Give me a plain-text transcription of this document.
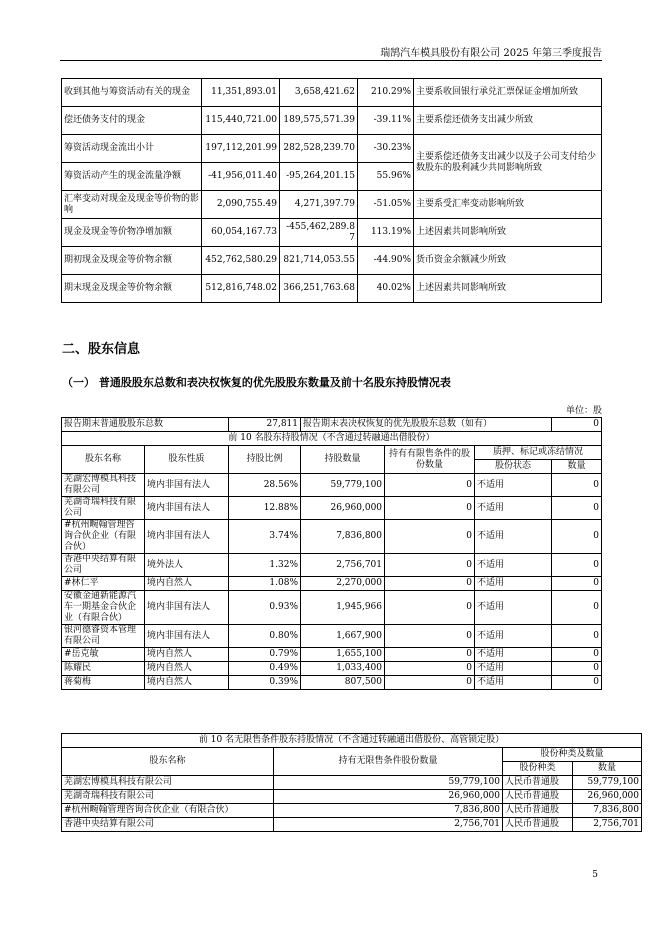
瑞鹄汽车模具股份有限公司 2025 年第三季度报告
收到其他与筹资活动有关的现金	11,351,893.01	3,658,421.62	210.29%	主要系收回银行承兑汇票保证金增加所致
偿还债务支付的现金	115,440,721.00	189,575,571.39	-39.11%	主要系偿还债务支出减少所致
筹资活动现金流出小计	197,112,201.99	282,528,239.70	-30.23%	主要系偿还债务支出减少以及子公司支付给少数股东的股利减少共同影响所致
筹资活动产生的现金流量净额	-41,956,011.40	-95,264,201.15	55.96%	
汇率变动对现金及现金等价物的影响	2,090,755.49	4,271,397.79	-51.05%	主要系受汇率变动影响所致
现金及现金等价物净增加额	60,054,167.73	-455,462,289.87	113.19%	上述因素共同影响所致
期初现金及现金等价物余额	452,762,580.29	821,714,053.55	-44.90%	货币资金余额减少所致
期末现金及现金等价物余额	512,816,748.02	366,251,763.68	40.02%	上述因素共同影响所致
二、股东信息
（一） 普通股股东总数和表决权恢复的优先股股东数量及前十名股东持股情况表
单位：股
报告期末普通股股东总数		27,811	报告期末表决权恢复的优先股股东总数（如有）			0
前 10 名股东持股情况（不含通过转融通出借股份）						
股东名称	股东性质	持股比例	持股数量	持有有限售条件的股份数量	质押、标记或冻结情况	
					股份状态	数量
芜湖宏博模具科技有限公司	境内非国有法人	28.56%	59,779,100	0	不适用	0
芜湖奇瑞科技有限公司	境内非国有法人	12.88%	26,960,000	0	不适用	0
#杭州畹翰管理咨询合伙企业（有限合伙）	境内非国有法人	3.74%	7,836,800	0	不适用	0
香港中央结算有限公司	境外法人	1.32%	2,756,701	0	不适用	0
#林仁平	境内自然人	1.08%	2,270,000	0	不适用	0
安徽金通新能源汽车一期基金合伙企业（有限合伙）	境内非国有法人	0.93%	1,945,966	0	不适用	0
银河德睿资本管理有限公司	境内非国有法人	0.80%	1,667,900	0	不适用	0
#岳克敏	境内自然人	0.79%	1,655,100	0	不适用	0
陈耀民	境内自然人	0.49%	1,033,400	0	不适用	0
蒋菊梅	境内自然人	0.39%	807,500	0	不适用	0
前 10 名无限售条件股东持股情况（不含通过转融通出借股份、高管锁定股）			
股东名称	持有无限售条件股份数量	股份种类及数量	
		股份种类	数量
芜湖宏博模具科技有限公司	59,779,100	人民币普通股	59,779,100
芜湖奇瑞科技有限公司	26,960,000	人民币普通股	26,960,000
#杭州畹翰管理咨询合伙企业（有限合伙）	7,836,800	人民币普通股	7,836,800
香港中央结算有限公司	2,756,701	人民币普通股	2,756,701
5
